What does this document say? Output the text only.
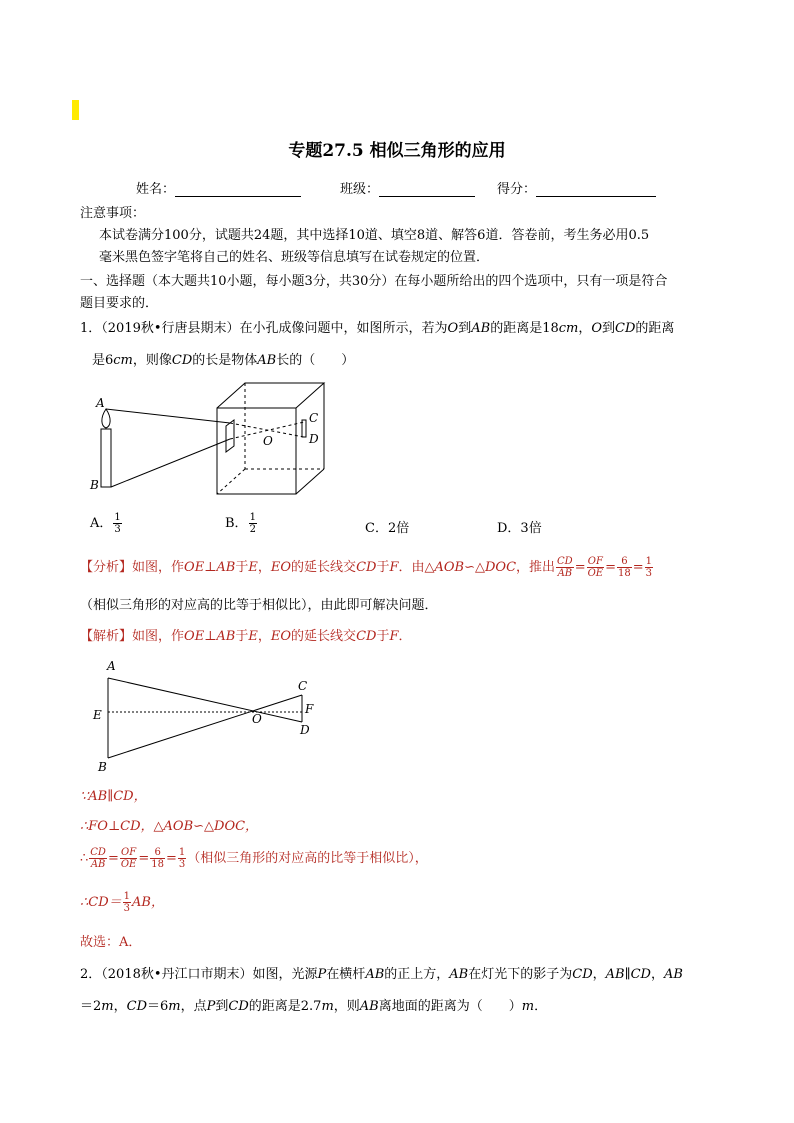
专题27.5 相似三角形的应用
姓名：	班级：	得分：
注意事项：
本试卷满分100分，试题共24题，其中选择10道、填空8道、解答6道．答卷前，考生务必用0.5
毫米黑色签字笔将自己的姓名、班级等信息填写在试卷规定的位置．
一、选择题（本大题共10小题，每小题3分，共30分）在每小题所给出的四个选项中，只有一项是符合
题目要求的．
1．（2019秋•行唐县期末）在小孔成像问题中，如图所示，若为O到AB的距离是18cm，O到CD的距离
是6cm，则像CD的长是物体AB长的（　　）
A
B
C
D
O
A． $\frac{1}{3}$	B． $\frac{1}{2}$	C．2倍	D．3倍
【分析】如图，作OE⊥AB于E，EO的延长线交CD于F．由△AOB∽△DOC，推出 $\frac{CD}{AB} = \frac{OF}{OE} = \frac{6}{18} = \frac{1}{3}$
（相似三角形的对应高的比等于相似比），由此即可解决问题．
【解析】如图，作OE⊥AB于E，EO的延长线交CD于F．
A
B
C
D
E	F
O
∵AB∥CD，
∴FO⊥CD，△AOB∽△DOC，
∴ $\frac{CD}{AB} = \frac{OF}{OE} = \frac{6}{18} = \frac{1}{3}$ （相似三角形的对应高的比等于相似比），
∴CD＝ $\frac{1}{3}$ AB，
故选：A．
2．（2018秋•丹江口市期末）如图，光源P在横杆AB的正上方，AB在灯光下的影子为CD，AB∥CD，AB
＝2m，CD＝6m，点P到CD的距离是2.7m，则AB离地面的距离为（　　）m．
